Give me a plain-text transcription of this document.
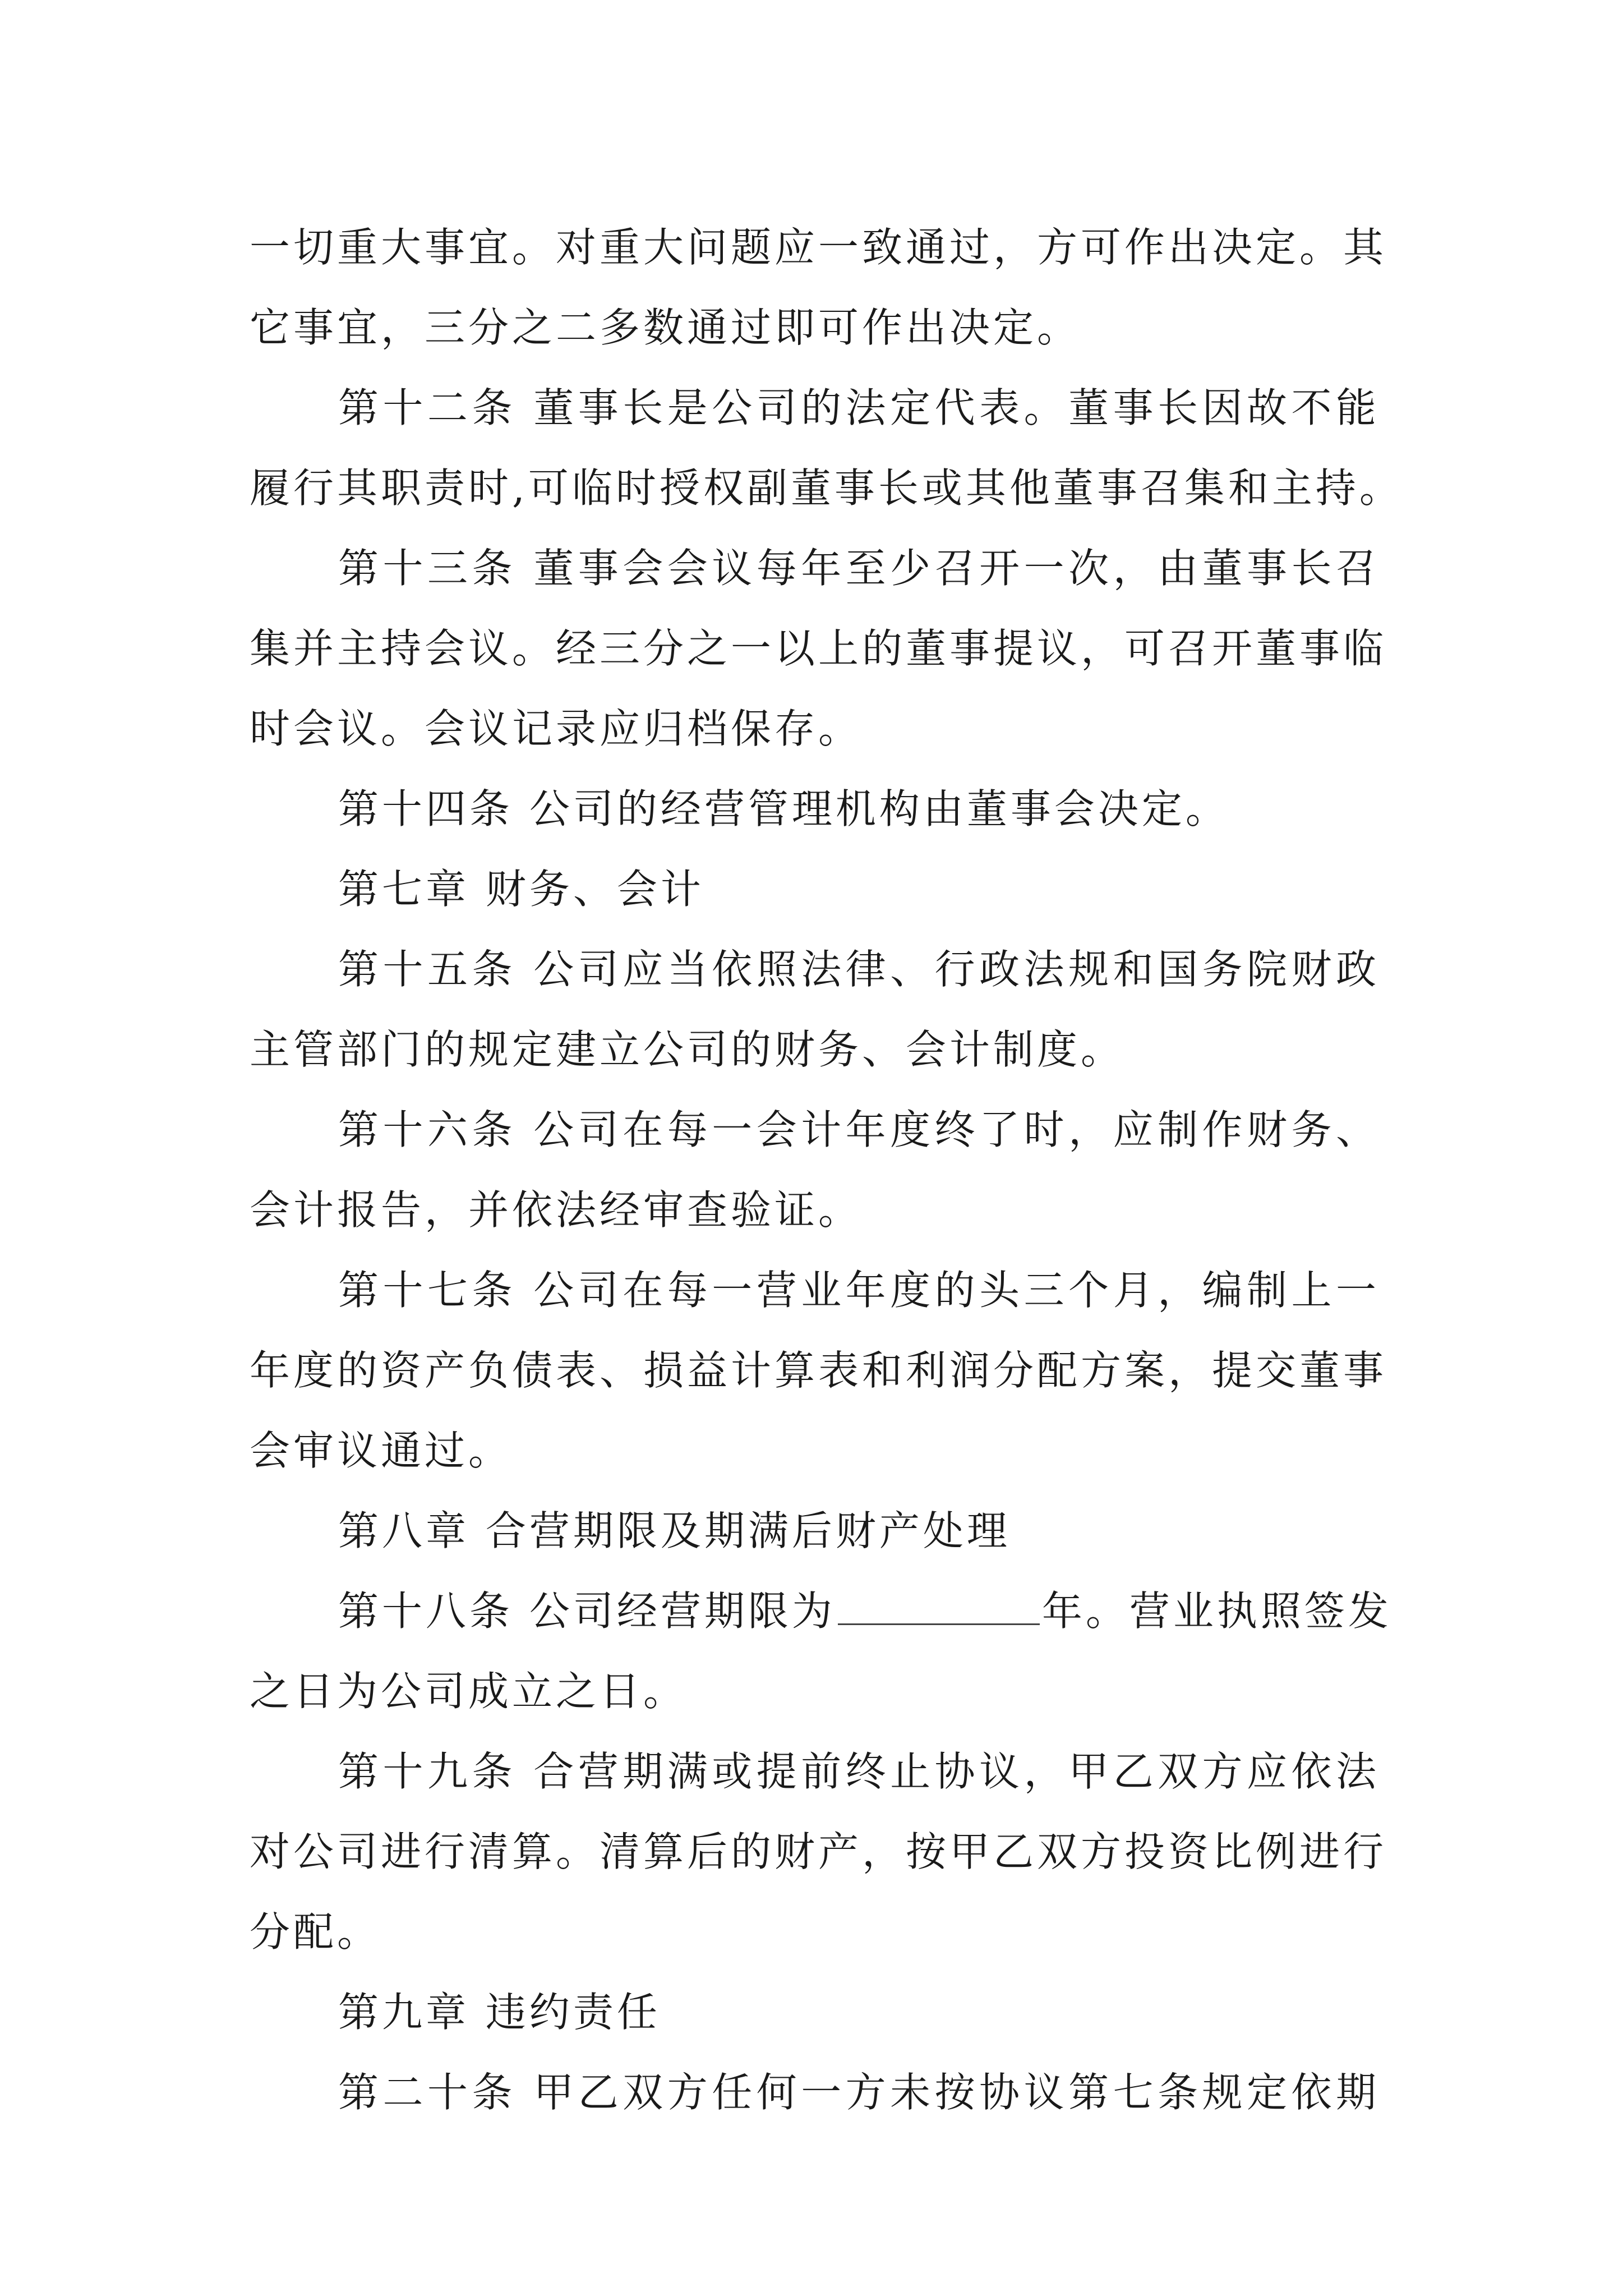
一切重大事宜。对重大问题应一致通过，方可作出决定。其
它事宜，三分之二多数通过即可作出决定。
第十二条 董事长是公司的法定代表。董事长因故不能
履行其职责时,可临时授权副董事长或其他董事召集和主持。
第十三条 董事会会议每年至少召开一次，由董事长召
集并主持会议。经三分之一以上的董事提议，可召开董事临
时会议。会议记录应归档保存。
第十四条 公司的经营管理机构由董事会决定。
第七章 财务、会计
第十五条 公司应当依照法律、行政法规和国务院财政
主管部门的规定建立公司的财务、会计制度。
第十六条 公司在每一会计年度终了时，应制作财务、
会计报告，并依法经审查验证。
第十七条 公司在每一营业年度的头三个月，编制上一
年度的资产负债表、损益计算表和利润分配方案，提交董事
会审议通过。
第八章 合营期限及期满后财产处理
第十八条 公司经营期限为	年。营业执照签发
之日为公司成立之日。
第十九条 合营期满或提前终止协议，甲乙双方应依法
对公司进行清算。清算后的财产，按甲乙双方投资比例进行
分配。
第九章 违约责任
第二十条 甲乙双方任何一方未按协议第七条规定依期
